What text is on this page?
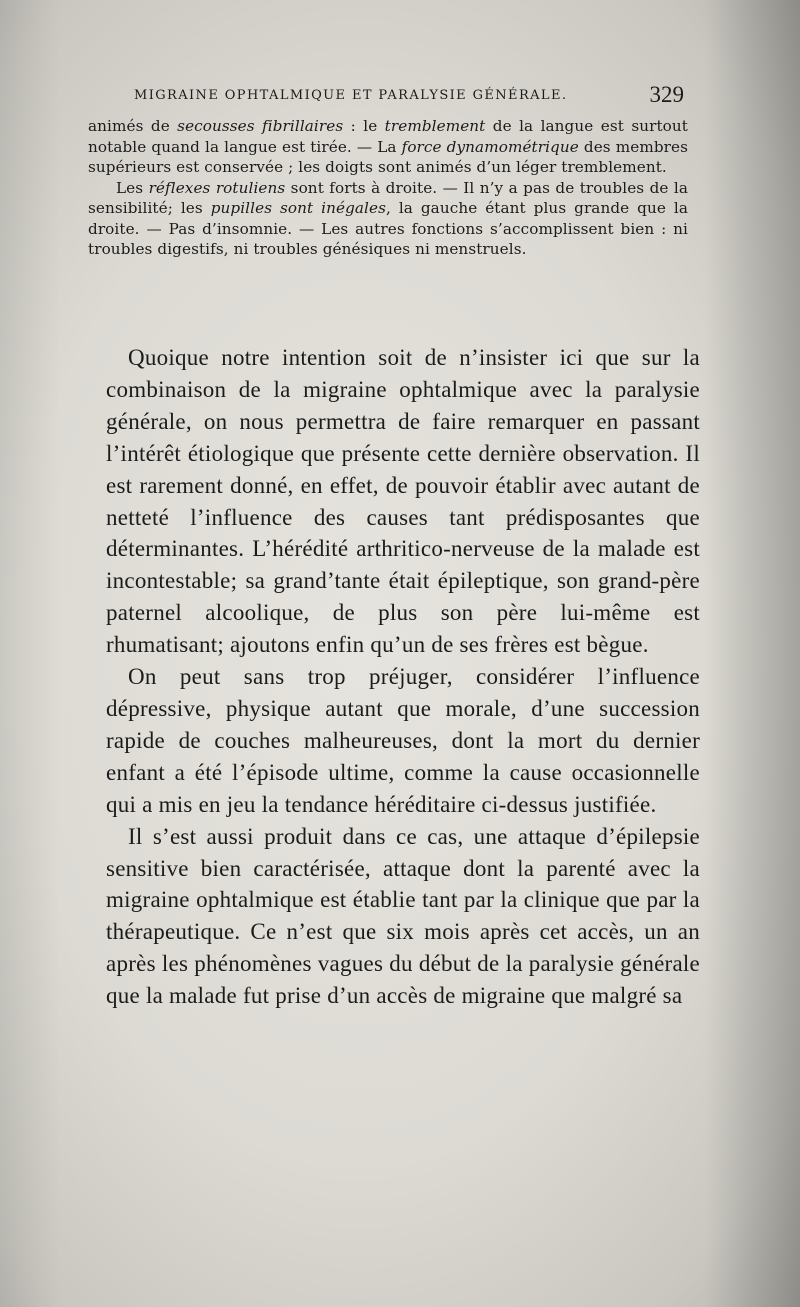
MIGRAINE OPHTALMIQUE ET PARALYSIE GÉNÉRALE.	329

animés de secousses fibrillaires : le tremblement de la langue est surtout notable quand la langue est tirée. — La force dynamométrique des membres supérieurs est conservée ; les doigts sont animés d’un léger tremblement.

Les réflexes rotuliens sont forts à droite. — Il n’y a pas de troubles de la sensibilité; les pupilles sont inégales, la gauche étant plus grande que la droite. — Pas d’insomnie. — Les autres fonctions s’accomplissent bien : ni troubles digestifs, ni troubles génésiques ni menstruels.

Quoique notre intention soit de n’insister ici que sur la combinaison de la migraine ophtalmique avec la paralysie générale, on nous permettra de faire remarquer en passant l’intérêt étiologique que présente cette dernière observation. Il est rarement donné, en effet, de pouvoir établir avec autant de netteté l’influence des causes tant prédisposantes que déterminantes. L’hérédité arthritico-nerveuse de la malade est incontestable; sa grand’tante était épileptique, son grand-père paternel alcoolique, de plus son père lui-même est rhumatisant; ajoutons enfin qu’un de ses frères est bègue.

On peut sans trop préjuger, considérer l’influence dépressive, physique autant que morale, d’une succession rapide de couches malheureuses, dont la mort du dernier enfant a été l’épisode ultime, comme la cause occasionnelle qui a mis en jeu la tendance héréditaire ci-dessus justifiée.

Il s’est aussi produit dans ce cas, une attaque d’épilepsie sensitive bien caractérisée, attaque dont la parenté avec la migraine ophtalmique est établie tant par la clinique que par la thérapeutique. Ce n’est que six mois après cet accès, un an après les phénomènes vagues du début de la paralysie générale que la malade fut prise d’un accès de migraine que malgré sa
